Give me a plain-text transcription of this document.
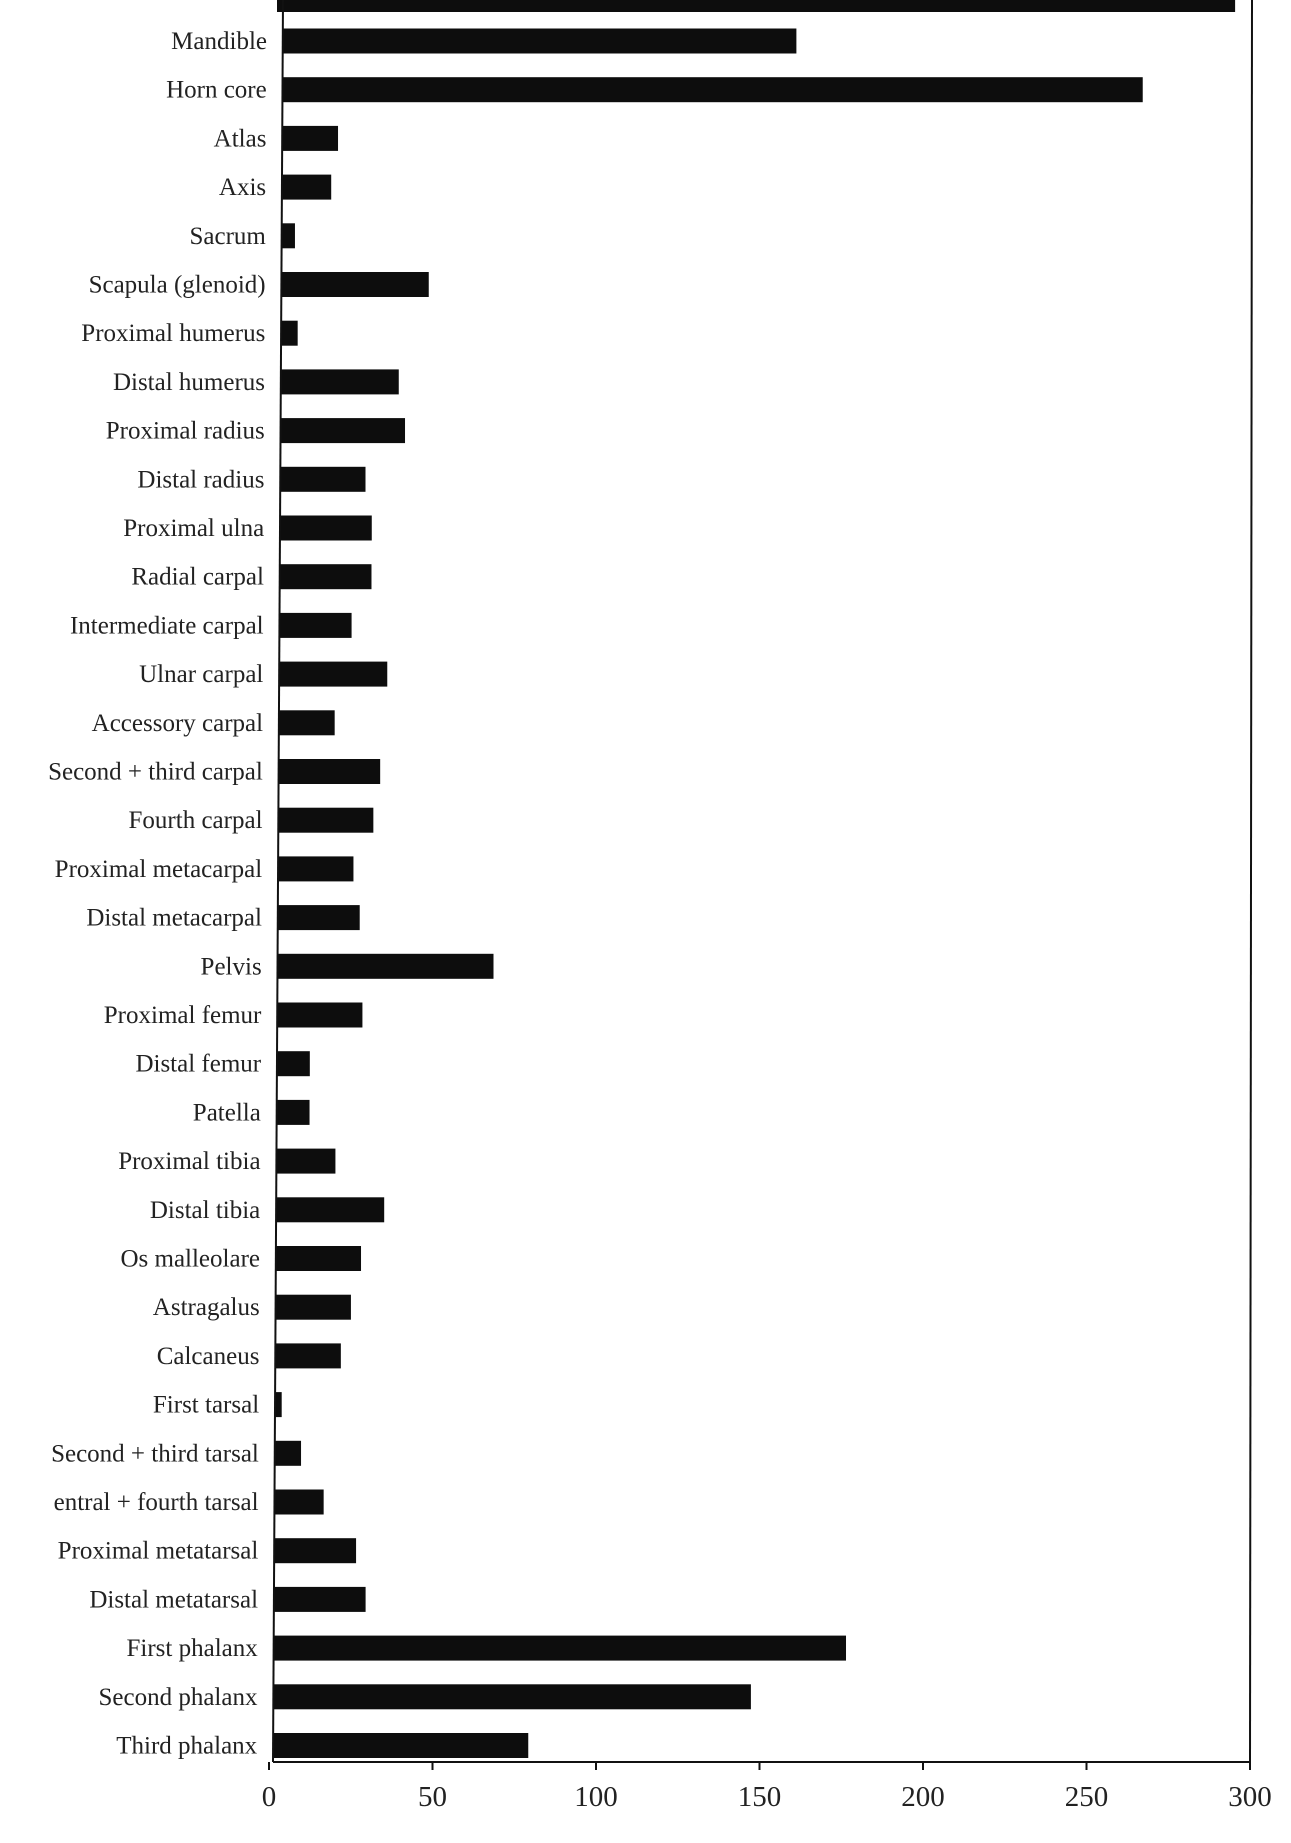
Mandible
Horn core
Atlas
Axis
Sacrum
Scapula (glenoid)
Proximal humerus
Distal humerus
Proximal radius
Distal radius
Proximal ulna
Radial carpal
Intermediate carpal
Ulnar carpal
Accessory carpal
Second + third carpal
Fourth carpal
Proximal metacarpal
Distal metacarpal
Pelvis
Proximal femur
Distal femur
Patella
Proximal tibia
Distal tibia
Os malleolare
Astragalus
Calcaneus
First tarsal
Second + third tarsal
entral + fourth tarsal
Proximal metatarsal
Distal metatarsal
First phalanx
Second phalanx
Third phalanx
0	50	100	150	200	250	300
